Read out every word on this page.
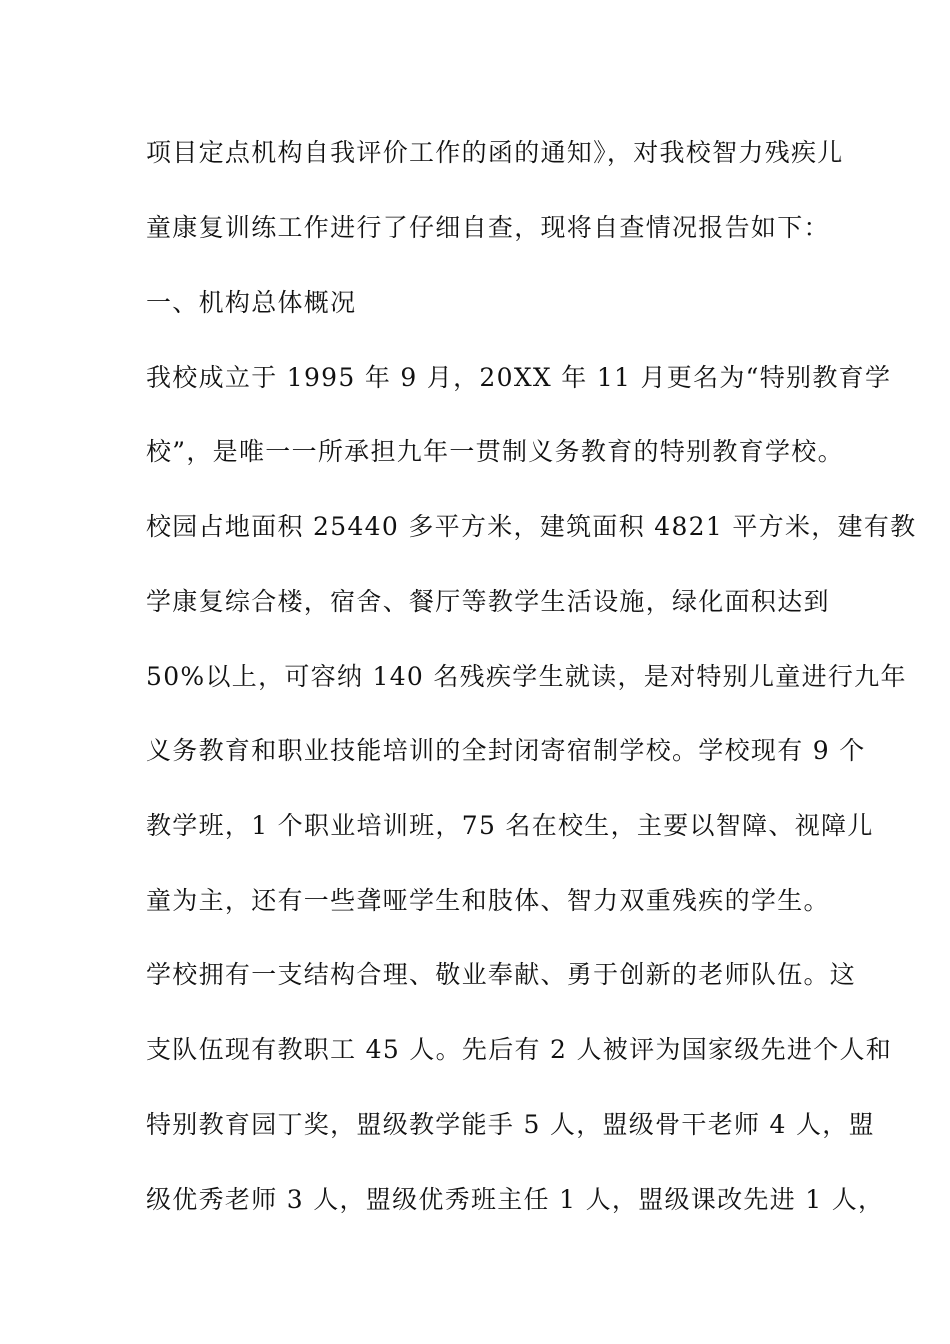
项目定点机构自我评价工作的函的通知》，对我校智力残疾儿
童康复训练工作进行了仔细自查，现将自查情况报告如下：
一、机构总体概况
我校成立于 1995 年 9 月，20XX 年 11 月更名为“特别教育学
校”，是唯一一所承担九年一贯制义务教育的特别教育学校。
校园占地面积 25440 多平方米，建筑面积 4821 平方米，建有教
学康复综合楼，宿舍、餐厅等教学生活设施，绿化面积达到
50%以上，可容纳 140 名残疾学生就读，是对特别儿童进行九年
义务教育和职业技能培训的全封闭寄宿制学校。学校现有 9 个
教学班，1 个职业培训班，75 名在校生，主要以智障、视障儿
童为主，还有一些聋哑学生和肢体、智力双重残疾的学生。
学校拥有一支结构合理、敬业奉献、勇于创新的老师队伍。这
支队伍现有教职工 45 人。先后有 2 人被评为国家级先进个人和
特别教育园丁奖，盟级教学能手 5 人，盟级骨干老师 4 人，盟
级优秀老师 3 人，盟级优秀班主任 1 人，盟级课改先进 1 人，
